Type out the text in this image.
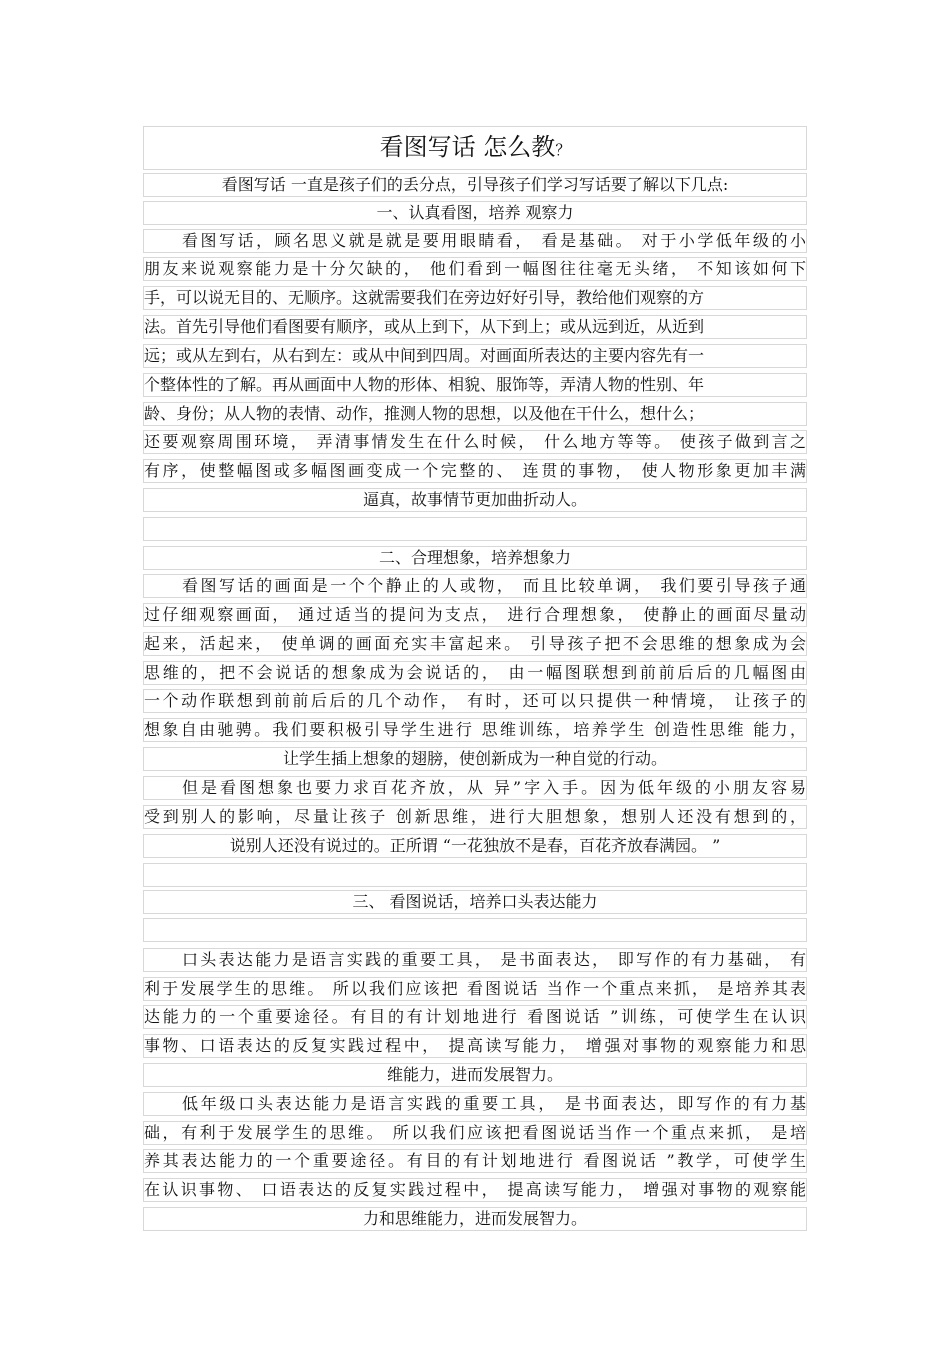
看图写话 怎么教？
看图写话 一直是孩子们的丢分点，引导孩子们学习写话要了解以下几点:
一、认真看图，培养 观察力
看图写话，顾名思义就是就是要用眼睛看， 看是基础。 对于小学低年级的小
朋友来说观察能力是十分欠缺的， 他们看到一幅图往往毫无头绪， 不知该如何下
手，可以说无目的、无顺序。这就需要我们在旁边好好引导，教给他们观察的方
法。首先引导他们看图要有顺序，或从上到下，从下到上；或从远到近，从近到
远；或从左到右，从右到左：或从中间到四周。对画面所表达的主要内容先有一
个整体性的了解。再从画面中人物的形体、相貌、服饰等，弄清人物的性别、年
龄、身份；从人物的表情、动作，推测人物的思想，以及他在干什么，想什么；
还要观察周围环境， 弄清事情发生在什么时候， 什么地方等等。 使孩子做到言之
有序，使整幅图或多幅图画变成一个完整的、 连贯的事物， 使人物形象更加丰满
逼真，故事情节更加曲折动人。
二、合理想象，培养想象力
看图写话的画面是一个个静止的人或物， 而且比较单调， 我们要引导孩子通
过仔细观察画面， 通过适当的提问为支点， 进行合理想象， 使静止的画面尽量动
起来，活起来， 使单调的画面充实丰富起来。 引导孩子把不会思维的想象成为会
思维的，把不会说话的想象成为会说话的， 由一幅图联想到前前后后的几幅图由
一个动作联想到前前后后的几个动作， 有时，还可以只提供一种情境， 让孩子的
想象自由驰骋。我们要积极引导学生进行 思维训练，培养学生 创造性思维 能力，
让学生插上想象的翅膀，使创新成为一种自觉的行动。
但是看图想象也要力求百花齐放，从 异”字入手。因为低年级的小朋友容易
受到别人的影响，尽量让孩子 创新思维，进行大胆想象，想别人还没有想到的，
说别人还没有说过的。正所谓 “一花独放不是春，百花齐放春满园。 ”
三、 看图说话，培养口头表达能力
口头表达能力是语言实践的重要工具， 是书面表达， 即写作的有力基础， 有
利于发展学生的思维。 所以我们应该把 看图说话 当作一个重点来抓， 是培养其表
达能力的一个重要途径。有目的有计划地进行 看图说话 ”训练，可使学生在认识
事物、口语表达的反复实践过程中， 提高读写能力， 增强对事物的观察能力和思
维能力，进而发展智力。
低年级口头表达能力是语言实践的重要工具， 是书面表达，即写作的有力基
础，有利于发展学生的思维。 所以我们应该把看图说话当作一个重点来抓， 是培
养其表达能力的一个重要途径。有目的有计划地进行 看图说话 ”教学，可使学生
在认识事物、 口语表达的反复实践过程中， 提高读写能力， 增强对事物的观察能
力和思维能力，进而发展智力。
